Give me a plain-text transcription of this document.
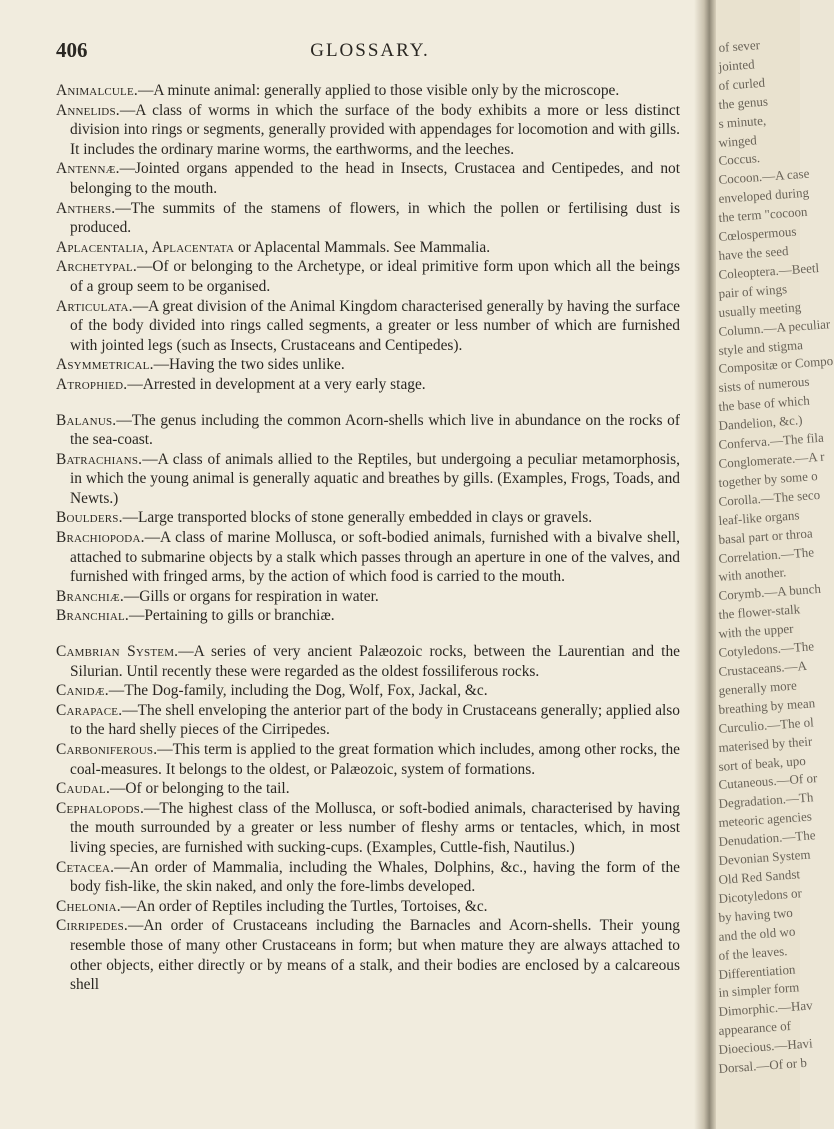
406	GLOSSARY.

Animalcule.—A minute animal: generally applied to those visible only by the microscope.

Annelids.—A class of worms in which the surface of the body exhibits a more or less distinct division into rings or segments, generally provided with appendages for locomotion and with gills. It includes the ordinary marine worms, the earthworms, and the leeches.

Antennæ.—Jointed organs appended to the head in Insects, Crustacea and Centipedes, and not belonging to the mouth.

Anthers.—The summits of the stamens of flowers, in which the pollen or fertilising dust is produced.

Aplacentalia, Aplacentata or Aplacental Mammals. See Mammalia.

Archetypal.—Of or belonging to the Archetype, or ideal primitive form upon which all the beings of a group seem to be organised.

Articulata.—A great division of the Animal Kingdom characterised generally by having the surface of the body divided into rings called segments, a greater or less number of which are furnished with jointed legs (such as Insects, Crustaceans and Centipedes).

Asymmetrical.—Having the two sides unlike.

Atrophied.—Arrested in development at a very early stage.

Balanus.—The genus including the common Acorn-shells which live in abundance on the rocks of the sea-coast.

Batrachians.—A class of animals allied to the Reptiles, but undergoing a peculiar metamorphosis, in which the young animal is generally aquatic and breathes by gills. (Examples, Frogs, Toads, and Newts.)

Boulders.—Large transported blocks of stone generally embedded in clays or gravels.

Brachiopoda.—A class of marine Mollusca, or soft-bodied animals, furnished with a bivalve shell, attached to submarine objects by a stalk which passes through an aperture in one of the valves, and furnished with fringed arms, by the action of which food is carried to the mouth.

Branchiæ.—Gills or organs for respiration in water.

Branchial.—Pertaining to gills or branchiæ.

Cambrian System.—A series of very ancient Palæozoic rocks, between the Laurentian and the Silurian. Until recently these were regarded as the oldest fossiliferous rocks.

Canidæ.—The Dog-family, including the Dog, Wolf, Fox, Jackal, &c.

Carapace.—The shell enveloping the anterior part of the body in Crustaceans generally; applied also to the hard shelly pieces of the Cirripedes.

Carboniferous.—This term is applied to the great formation which includes, among other rocks, the coal-measures. It belongs to the oldest, or Palæozoic, system of formations.

Caudal.—Of or belonging to the tail.

Cephalopods.—The highest class of the Mollusca, or soft-bodied animals, characterised by having the mouth surrounded by a greater or less number of fleshy arms or tentacles, which, in most living species, are furnished with sucking-cups. (Examples, Cuttle-fish, Nautilus.)

Cetacea.—An order of Mammalia, including the Whales, Dolphins, &c., having the form of the body fish-like, the skin naked, and only the fore-limbs developed.

Chelonia.—An order of Reptiles including the Turtles, Tortoises, &c.

Cirripedes.—An order of Crustaceans including the Barnacles and Acorn-shells. Their young resemble those of many other Crustaceans in form; but when mature they are always attached to other objects, either directly or by means of a stalk, and their bodies are enclosed by a calcareous shell

of sever
jointed
of curled
the genus
s minute,
winged
Coccus.
Cocoon.—A case
enveloped during
the term "cocoon
Cœlospermous
have the seed
Coleoptera.—Beetl
pair of wings
usually meeting
Column.—A peculiar
style and stigma
Compositæ or Compo
sists of numerous
the base of which
Dandelion, &c.)
Conferva.—The fila
Conglomerate.—A r
together by some o
Corolla.—The seco
leaf-like organs
basal part or throa
Correlation.—The
with another.
Corymb.—A bunch
the flower-stalk
with the upper
Cotyledons.—The
Crustaceans.—A
generally more
breathing by mean
Curculio.—The ol
materised by their
sort of beak, upo
Cutaneous.—Of or
Degradation.—Th
meteoric agencies
Denudation.—The
Devonian System
Old Red Sandst
Dicotyledons or
by having two
and the old wo
of the leaves.
Differentiation
in simpler form
Dimorphic.—Hav
appearance of
Dioecious.—Havi
Dorsal.—Of or b
